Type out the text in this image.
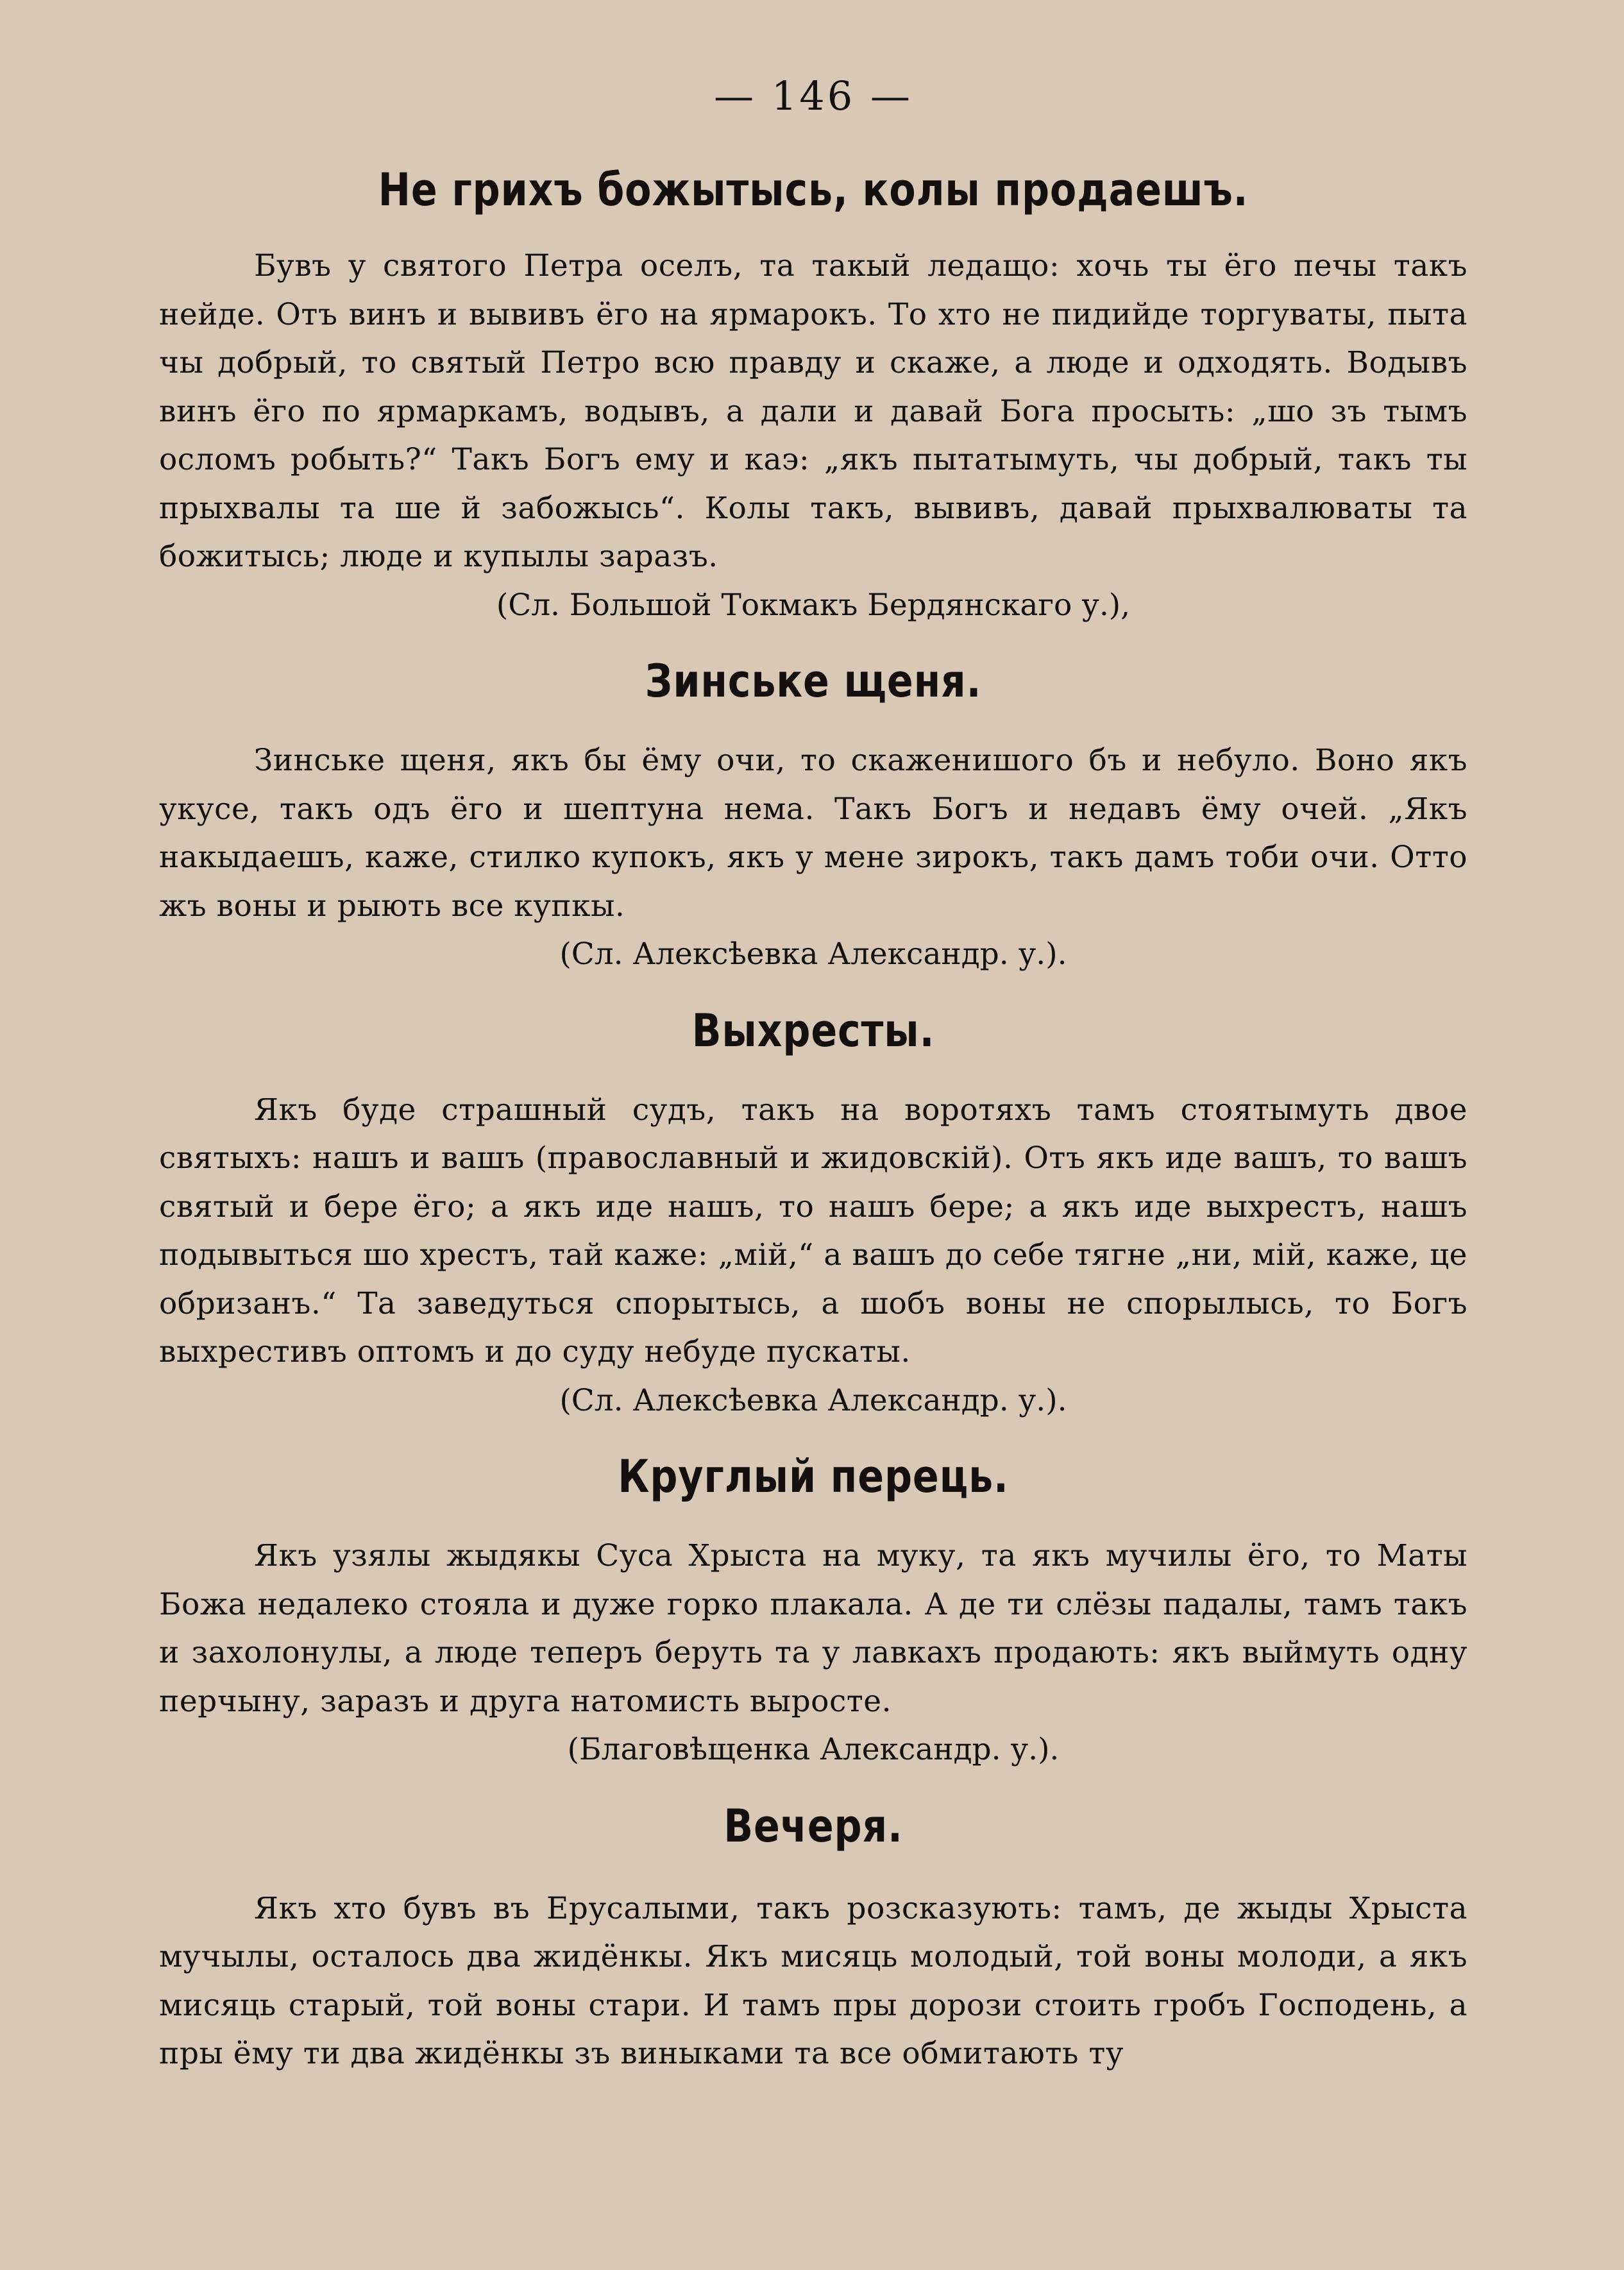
— 146 —
Не грихъ божытысь, колы продаешъ.

Бувъ у святого Петра оселъ, та такый ледащо: хочь ты ёго печы такъ нейде. Отъ винъ и вывивъ ёго на ярмарокъ. То хто не пидийде торгуваты, пыта чы добрый, то святый Петро всю правду и скаже, а люде и одходять. Водывъ винъ ёго по ярмаркамъ, водывъ, а дали и давай Бога просыть: „шо зъ тымъ осломъ робыть?“ Такъ Богъ ему и каэ: „якъ пытатымуть, чы добрый, такъ ты прыхвалы та ше й забожысь“. Колы такъ, вывивъ, давай прыхвалюваты та божитысь; люде и купылы заразъ.

(Сл. Большой Токмакъ Бердянскаго у.),
Зинське щеня.

Зинське щеня, якъ бы ёму очи, то скаженишого бъ и небуло. Воно якъ укусе, такъ одъ ёго и шептуна нема. Такъ Богъ и недавъ ёму очей. „Якъ накыдаешъ, каже, стилко купокъ, якъ у мене зирокъ, такъ дамъ тоби очи. Отто жъ воны и рыють все купкы.

(Сл. Алексѣевка Александр. у.).
Выхресты.

Якъ буде страшный судъ, такъ на воротяхъ тамъ стоятымуть двое святыхъ: нашъ и вашъ (православный и жидовскій). Отъ якъ иде вашъ, то вашъ святый и бере ёго; а якъ иде нашъ, то нашъ бере; а якъ иде выхрестъ, нашъ подывыться шо хрестъ, тай каже: „мій,“ а вашъ до себе тягне „ни, мій, каже, це обризанъ.“ Та заведуться спорытысь, а шобъ воны не спорылысь, то Богъ выхрестивъ оптомъ и до суду небуде пускаты.

(Сл. Алексѣевка Александр. у.).
Круглый перець.

Якъ узялы жыдякы Суса Хрыста на муку, та якъ мучилы ёго, то Маты Божа недалеко стояла и дуже горко плакала. А де ти слёзы падалы, тамъ такъ и захолонулы, а люде теперъ беруть та у лавкахъ продають: якъ выймуть одну перчыну, заразъ и друга натомисть выросте.

(Благовѣщенка Александр. у.).
Вечеря.

Якъ хто бувъ въ Ерусалыми, такъ розсказують: тамъ, де жыды Хрыста мучылы, осталось два жидёнкы. Якъ мисяць молодый, той воны молоди, а якъ мисяць старый, той воны стари. И тамъ пры дорози стоить гробъ Господень, а пры ёму ти два жидёнкы зъ виныками та все обмитають ту
